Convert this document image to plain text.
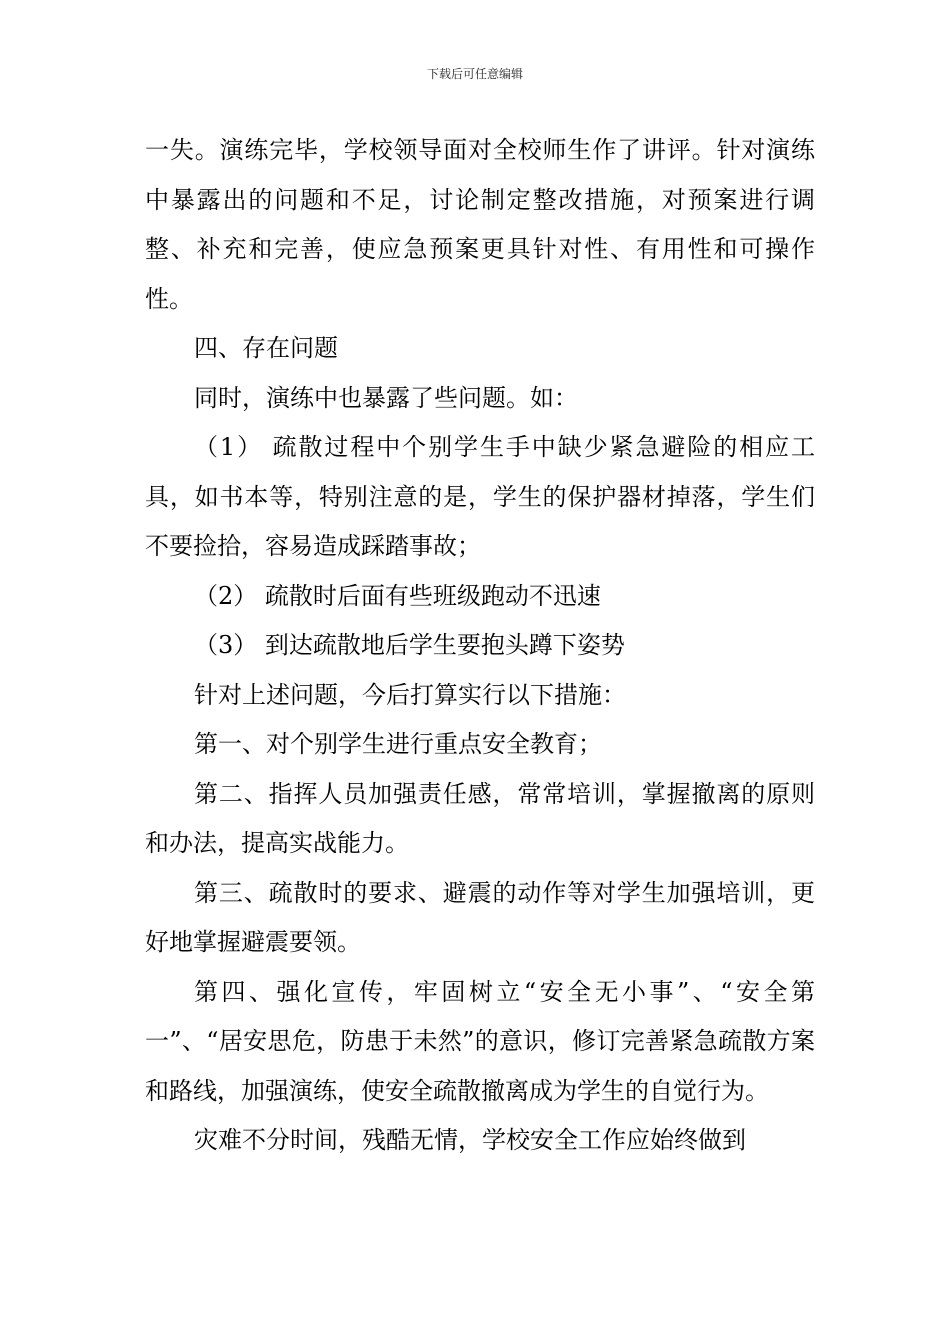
下载后可任意编辑

一失。演练完毕，学校领导面对全校师生作了讲评。针对演练中暴露出的问题和不足，讨论制定整改措施，对预案进行调整、补充和完善，使应急预案更具针对性、有用性和可操作性。

四、存在问题

同时，演练中也暴露了些问题。如：

（1） 疏散过程中个别学生手中缺少紧急避险的相应工具，如书本等，特别注意的是，学生的保护器材掉落，学生们不要捡拾，容易造成踩踏事故；

（2） 疏散时后面有些班级跑动不迅速

（3） 到达疏散地后学生要抱头蹲下姿势

针对上述问题，今后打算实行以下措施：

第一、对个别学生进行重点安全教育；

第二、指挥人员加强责任感，常常培训，掌握撤离的原则和办法，提高实战能力。

第三、疏散时的要求、避震的动作等对学生加强培训，更好地掌握避震要领。

第四、强化宣传，牢固树立“安全无小事”、“安全第一”、“居安思危，防患于未然”的意识，修订完善紧急疏散方案和路线，加强演练，使安全疏散撤离成为学生的自觉行为。

灾难不分时间，残酷无情，学校安全工作应始终做到
